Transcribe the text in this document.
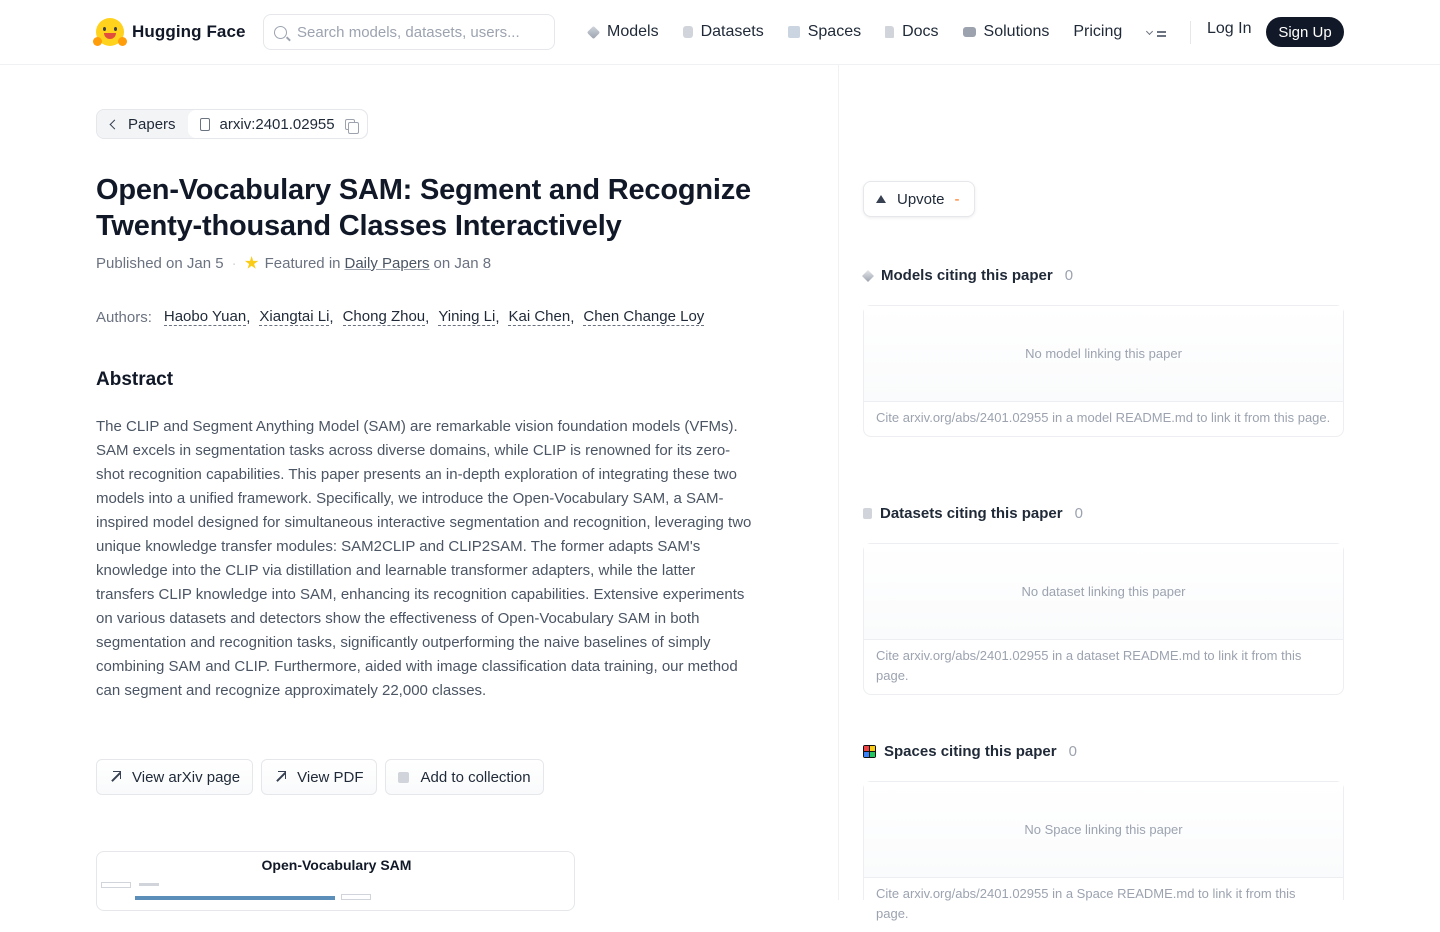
Hugging Face
Search models, datasets, users...	Models	Datasets	Spaces	Docs	Solutions Pricing	Log In	Sign Up
Papers	arxiv:2401.02955
Open-Vocabulary SAM: Segment and Recognize Twenty-thousand Classes Interactively
Published on Jan 5 · Featured in Daily Papers on Jan 8
Authors: Haobo Yuan , Xiangtai Li , Chong Zhou , Yining Li , Kai Chen , Chen Change Loy
Abstract

The CLIP and Segment Anything Model (SAM) are remarkable vision foundation models (VFMs). SAM excels in segmentation tasks across diverse domains, while CLIP is renowned for its zero-shot recognition capabilities. This paper presents an in-depth exploration of integrating these two models into a unified framework. Specifically, we introduce the Open-Vocabulary SAM, a SAM-inspired model designed for simultaneous interactive segmentation and recognition, leveraging two unique knowledge transfer modules: SAM2CLIP and CLIP2SAM. The former adapts SAM's knowledge into the CLIP via distillation and learnable transformer adapters, while the latter transfers CLIP knowledge into SAM, enhancing its recognition capabilities. Extensive experiments on various datasets and detectors show the effectiveness of Open-Vocabulary SAM in both segmentation and recognition tasks, significantly outperforming the naive baselines of simply combining SAM and CLIP. Furthermore, aided with image classification data training, our method can segment and recognize approximately 22,000 classes.

View arXiv page	View PDF	Add to collection
Open-Vocabulary SAM
Upvote -
Models citing this paper 0
No model linking this paper
Cite arxiv.org/abs/2401.02955 in a model README.md to link it from this page.
Datasets citing this paper 0
No dataset linking this paper
Cite arxiv.org/abs/2401.02955 in a dataset README.md to link it from this page.
Spaces citing this paper 0
No Space linking this paper
Cite arxiv.org/abs/2401.02955 in a Space README.md to link it from this page.
